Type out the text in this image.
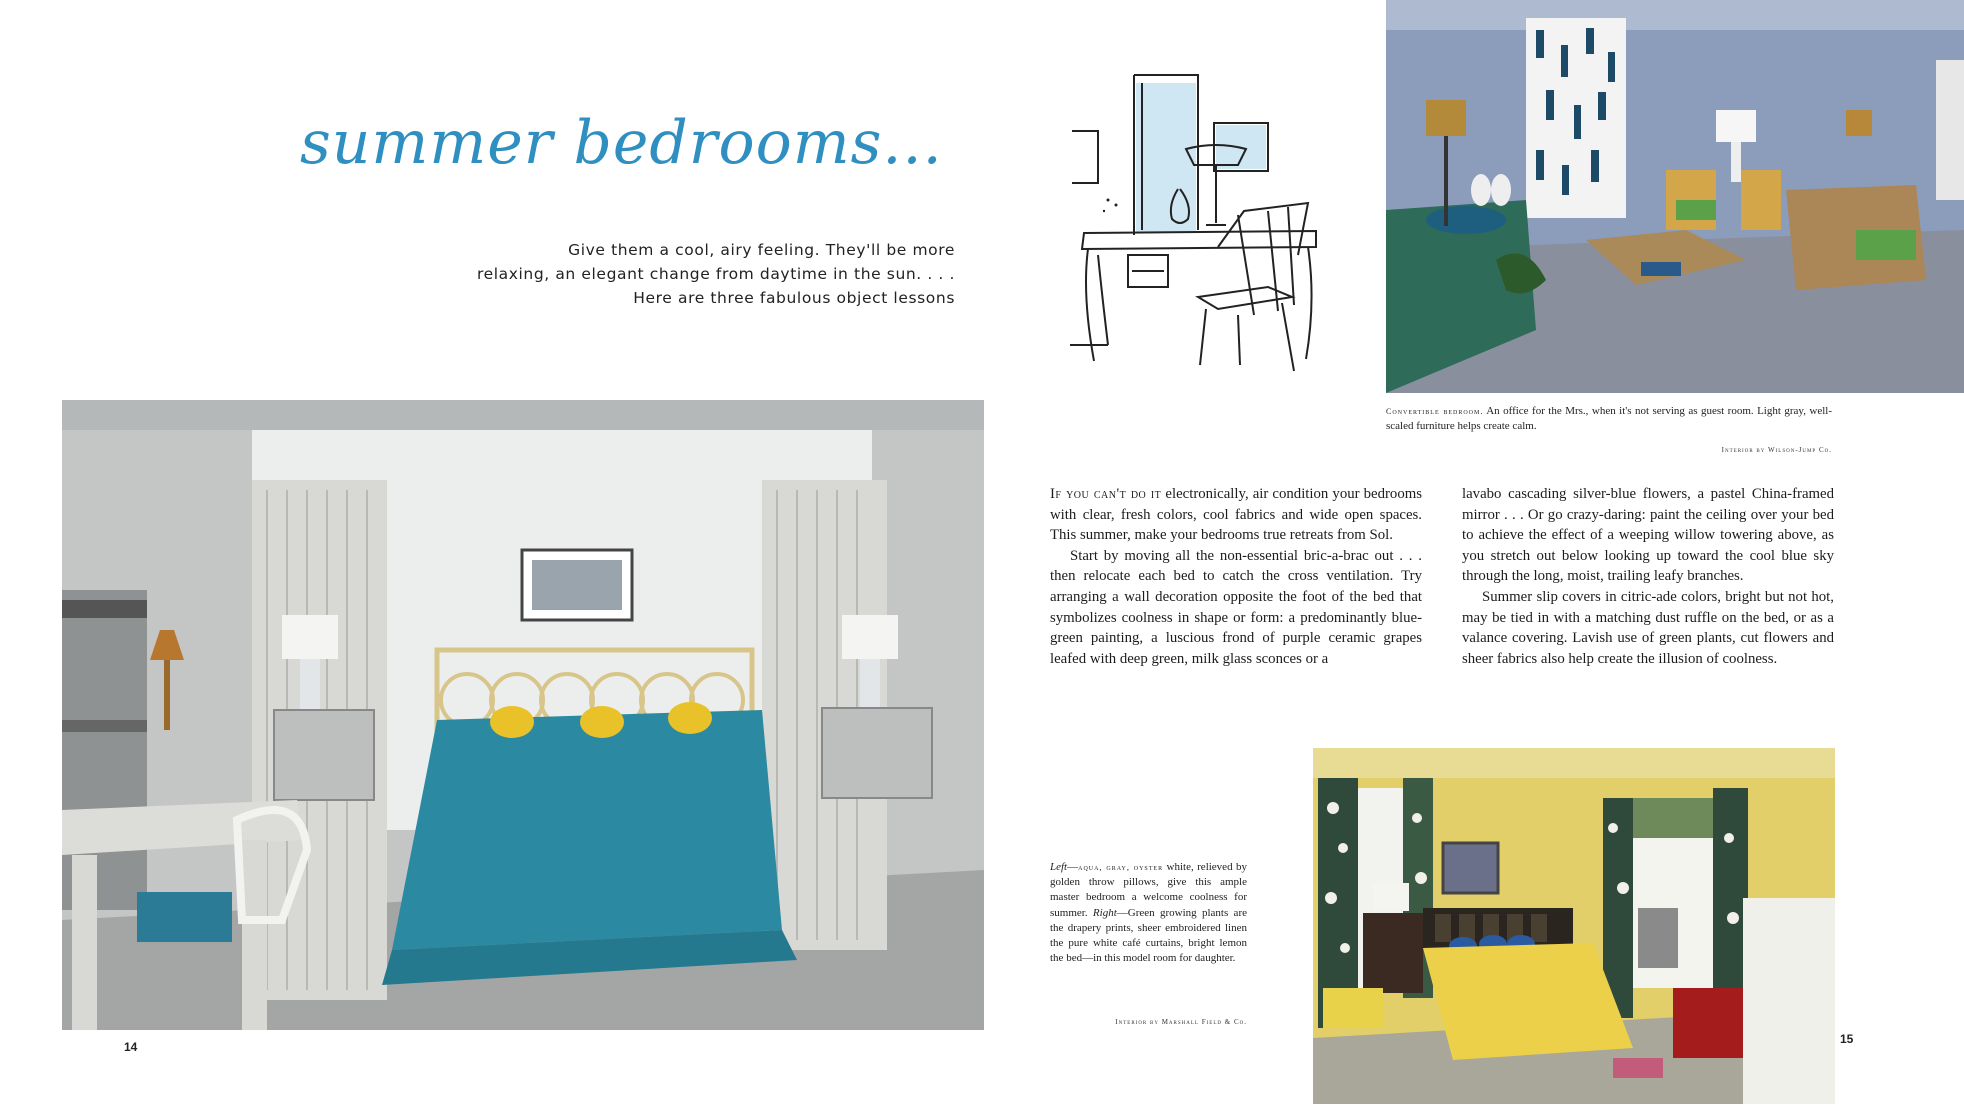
summer bedrooms...
Give them a cool, airy feeling. They'll be more
relaxing, an elegant change from daytime in the sun. . . .
Here are three fabulous object lessons
Convertible bedroom. An office for the Mrs., when it's not serving as guest room. Light gray, well-scaled furniture helps create calm.
Interior by Wilson-Jump Co.

If you can't do it electronically, air condition your bedrooms with clear, fresh colors, cool fabrics and wide open spaces. This summer, make your bedrooms true retreats from Sol.

Start by moving all the non-essential bric-a-brac out . . . then relocate each bed to catch the cross ventilation. Try arranging a wall decoration opposite the foot of the bed that symbolizes coolness in shape or form: a predominantly blue-green painting, a luscious frond of purple ceramic grapes leafed with deep green, milk glass sconces or a

lavabo cascading silver-blue flowers, a pastel China-framed mirror . . . Or go crazy-daring: paint the ceiling over your bed to achieve the effect of a weeping willow towering above, as you stretch out below looking up toward the cool blue sky through the long, moist, trailing leafy branches.

Summer slip covers in citric-ade colors, bright but not hot, may be tied in with a matching dust ruffle on the bed, or as a valance covering. Lavish use of green plants, cut flowers and sheer fabrics also help create the illusion of coolness.

Left—aqua, gray, oyster white, relieved by golden throw pillows, give this ample master bedroom a welcome coolness for summer. Right—Green growing plants are the drapery prints, sheer embroidered linen the pure white café curtains, bright lemon the bed—in this model room for daughter.
Interior by Marshall Field & Co.
14
15
